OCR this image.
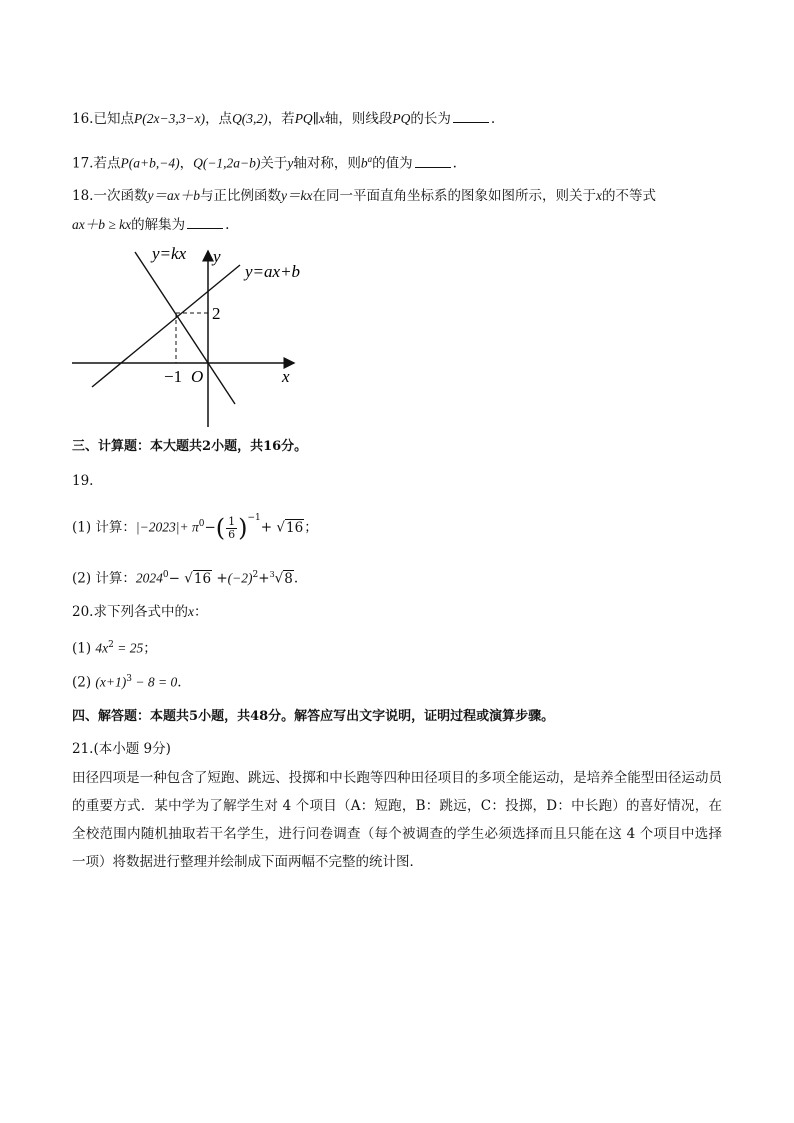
16.已知点P(2x−3,3−x)，点Q(3,2)，若PQ∥x轴，则线段PQ的长为	.
17.若点P(a+b,−4)，Q(−1,2a−b)关于y轴对称，则$b^a$的值为	.
18.一次函数y＝ax＋b与正比例函数y＝kx在同一平面直角坐标系的图象如图所示，则关于x的不等式
ax＋b ≥ kx的解集为	.
y=kx y
y=ax+b
2
−1 O	x
三、计算题：本大题共2小题，共16分。
19.
(1) 计算：$|-2023|+ \pi^0-( \frac{1}{6} )^{-1}+ √16$；
(2) 计算：$2024^0- √16 +(-2)^2+^3√8$.
20.求下列各式中的x：
(1) $4x^2 = 25$；
(2) $(x+1)^3 - 8 = 0$.
四、解答题：本题共5小题，共48分。解答应写出文字说明，证明过程或演算步骤。
21.(本小题 9分)
田径四项是一种包含了短跑、跳远、投掷和中长跑等四种田径项目的多项全能运动，是培养全能型田径运动员的重要方式．某中学为了解学生对 4 个项目（A：短跑，B：跳远，C：投掷，D：中长跑）的喜好情况，在全校范围内随机抽取若干名学生，进行问卷调查（每个被调查的学生必须选择而且只能在这 4 个项目中选择一项）将数据进行整理并绘制成下面两幅不完整的统计图．
